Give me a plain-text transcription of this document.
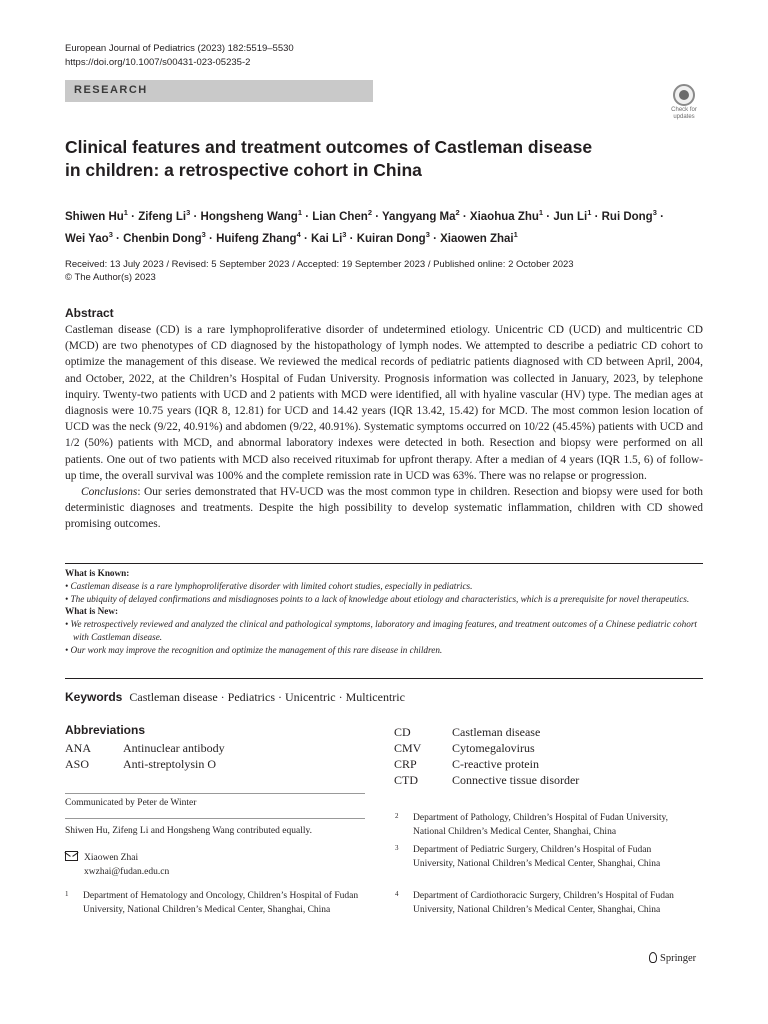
European Journal of Pediatrics (2023) 182:5519–5530
https://doi.org/10.1007/s00431-023-05235-2
RESEARCH
Check for
updates
Clinical features and treatment outcomes of Castleman disease
in children: a retrospective cohort in China
Shiwen $Hu^1$ · Zifeng $Li^3$ · Hongsheng Wang$^1$ · Lian Chen$^2$ · Yangyang $Ma^2$ · Xiaohua Zhu$^1$ · Jun $Li^1$ · Rui Dong$^3$ ·
Wei Yao$^3$ · Chenbin Dong$^3$ · Huifeng Zhang$^4$ · Kai $Li^3$ · Kuiran Dong$^3$ · Xiaowen Zhai$^1$
Received: 13 July 2023 / Revised: 5 September 2023 / Accepted: 19 September 2023 / Published online: 2 October 2023
© The Author(s) 2023
Abstract

Castleman disease (CD) is a rare lymphoproliferative disorder of undetermined etiology. Unicentric CD (UCD) and multicentric CD (MCD) are two phenotypes of CD diagnosed by the histopathology of lymph nodes. We attempted to describe a pediatric CD cohort to optimize the management of this disease. We reviewed the medical records of pediatric patients diagnosed with CD between April, 2004, and October, 2022, at the Children’s Hospital of Fudan University. Prognosis information was collected in January, 2023, by telephone inquiry. Twenty-two patients with UCD and 2 patients with MCD were identified, all with hyaline vascular (HV) type. The median ages at diagnosis were 10.75 years (IQR 8, 12.81) for UCD and 14.42 years (IQR 13.42, 15.42) for MCD. The most common lesion location of UCD was the neck (9/22, 40.91%) and abdomen (9/22, 40.91%). Systematic symptoms occurred on 10/22 (45.45%) patients with UCD and 1/2 (50%) patients with MCD, and abnormal laboratory indexes were detected in both. Resection and biopsy were performed on all patients. One out of two patients with MCD also received rituximab for upfront therapy. After a median of 4 years (IQR 1.5, 6) of follow-up time, the overall survival was 100% and the complete remission rate in UCD was 63%. There was no relapse or progression.

Conclusions: Our series demonstrated that HV-UCD was the most common type in children. Resection and biopsy were used for both deterministic diagnoses and treatments. Despite the high possibility to develop systematic inflammation, children with CD showed promising outcomes.

What is Known:
• Castleman disease is a rare lymphoproliferative disorder with limited cohort studies, especially in pediatrics.
• The ubiquity of delayed confirmations and misdiagnoses points to a lack of knowledge about etiology and characteristics, which is a prerequisite for novel therapeutics.
What is New:
• We retrospectively reviewed and analyzed the clinical and pathological symptoms, laboratory and imaging features, and treatment outcomes of a Chinese pediatric cohort with Castleman disease.
• Our work may improve the recognition and optimize the management of this rare disease in children.
Keywords Castleman disease · Pediatrics · Unicentric · Multicentric
Abbreviations
ANA	Antinuclear antibody
ASO	Anti-streptolysin O
CD	Castleman disease
CMV	Cytomegalovirus
CRP	C-reactive protein
CTD	Connective tissue disorder
Communicated by Peter de Winter
Shiwen Hu, Zifeng Li and Hongsheng Wang contributed equally.
Xiaowen Zhai
xwzhai@fudan.edu.cn
1 Department of Hematology and Oncology, Children’s Hospital of Fudan University, National Children’s Medical Center, Shanghai, China
2 Department of Pathology, Children’s Hospital of Fudan University, National Children’s Medical Center, Shanghai, China
3 Department of Pediatric Surgery, Children’s Hospital of Fudan University, National Children’s Medical Center, Shanghai, China
4 Department of Cardiothoracic Surgery, Children’s Hospital of Fudan University, National Children’s Medical Center, Shanghai, China
Springer
